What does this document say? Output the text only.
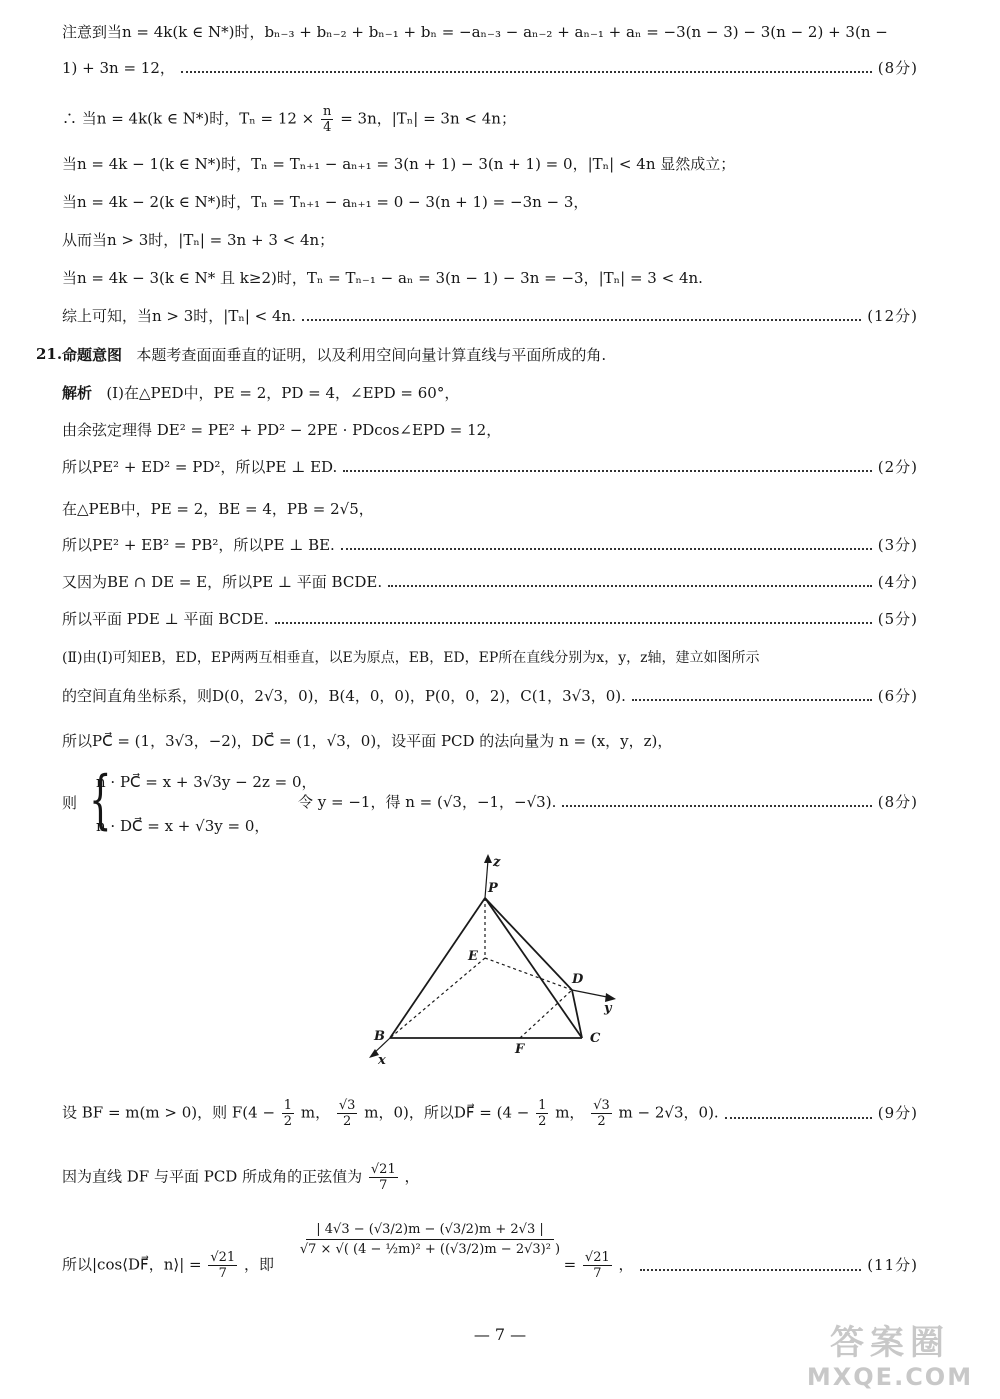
注意到当n = 4k(k ∈ N*)时，bₙ₋₃ + bₙ₋₂ + bₙ₋₁ + bₙ = −aₙ₋₃ − aₙ₋₂ + aₙ₋₁ + aₙ = −3(n − 3) − 3(n − 2) + 3(n −
1) + 3n = 12，	(8分)
∴ 当n = 4k(k ∈ N*)时，$T_n = 12 \times \frac{n}{4} = 3n$，|Tₙ| = 3n < 4n；
当n = 4k − 1(k ∈ N*)时，Tₙ = Tₙ₊₁ − aₙ₊₁ = 3(n + 1) − 3(n + 1) = 0，|Tₙ| < 4n 显然成立；
当n = 4k − 2(k ∈ N*)时，Tₙ = Tₙ₊₁ − aₙ₊₁ = 0 − 3(n + 1) = −3n − 3，
从而当n > 3时，|Tₙ| = 3n + 3 < 4n；
当n = 4k − 3(k ∈ N* 且 k≥2)时，Tₙ = Tₙ₋₁ − aₙ = 3(n − 1) − 3n = −3，|Tₙ| = 3 < 4n.
综上可知，当n > 3时，|Tₙ| < 4n.	(12分)
21. 命题意图 本题考查面面垂直的证明，以及利用空间向量计算直线与平面所成的角.
解析 (Ⅰ)在△PED中，PE = 2，PD = 4，∠EPD = 60°，
由余弦定理得 DE² = PE² + PD² − 2PE · PDcos∠EPD = 12，
所以PE² + ED² = PD²，所以PE ⊥ ED.	(2分)
在△PEB中，PE = 2，BE = 4，PB = 2√5，
所以PE² + EB² = PB²，所以PE ⊥ BE.	(3分)
又因为BE ∩ DE = E，所以PE ⊥ 平面 BCDE.	(4分)
所以平面 PDE ⊥ 平面 BCDE.	(5分)
(Ⅱ)由(Ⅰ)可知EB，ED，EP两两互相垂直，以E为原点，EB，ED，EP所在直线分别为x，y，z轴，建立如图所示
的空间直角坐标系，则D(0，2√3，0)，B(4，0，0)，P(0，0，2)，C(1，3√3，0).	(6分)
所以PC⃗ = (1，3√3，−2)，DC⃗ = (1，√3，0)，设平面 PCD 的法向量为 n = (x，y，z)，
则 {
n · PC⃗ = x + 3√3y − 2z = 0，
n · DC⃗ = x + √3y = 0，
令 y = −1，得 n = (√3，−1，−√3).	(8分)
z
P
E
D
y
B
x
F
C
设 BF = m(m > 0)，则 $F(4 - \frac{1}{2}$ m， $\frac{√3}{2}$ m，0)，所以DF⃗ = ($4 - \frac{1}{2}$ m， $\frac{√3}{2}$ m − 2√3，0).	(9分)
因为直线 DF 与平面 PCD 所成角的正弦值为 $\frac{√21}{7}$ ，
所以|cos⟨DF⃗，n⟩| = $\frac{√21}{7}$ ，即	= $\frac{√21}{7}$ ，	(11分)
$\frac{| 4√3 - (√3/2)m - (√3/2)m + 2√3 |}{\text{√7 × √( (4 − ½m)² + ((√3/2)m − 2√3)² )}}$
— 7 —	答案圈
MXQE.COM
